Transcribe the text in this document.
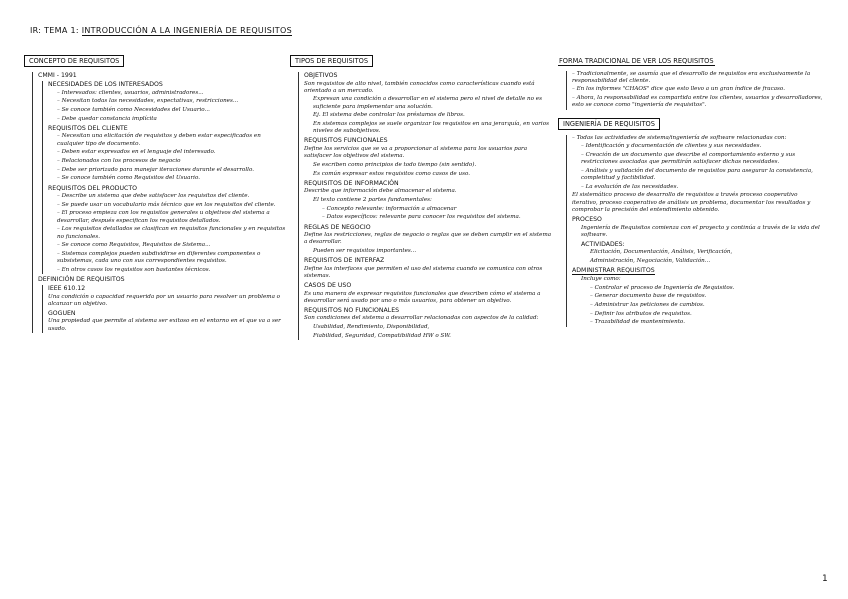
IR: TEMA 1: INTRODUCCIÓN A LA INGENIERÍA DE REQUISITOS
CONCEPTO DE REQUISITOS
CMMI - 1991
NECESIDADES DE LOS INTERESADOS
– Interesados: clientes, usuarios, administradores...
– Necesitan todas las necesidades, expectativas, restricciones...
– Se conoce también como Necesidades del Usuario...
– Debe quedar constancia implícita
REQUISITOS DEL CLIENTE
– Necesitan una elicitación de requisitos y deben estar especificados en cualquier tipo de documento.
– Deben estar expresados en el lenguaje del interesado.
– Relacionados con los procesos de negocio
– Debe ser priorizado para manejar iteraciones durante el desarrollo.
– Se conoce también como Requisitos del Usuario.
REQUISITOS DEL PRODUCTO
– Describe un sistema que debe satisfacer los requisitos del cliente.
– Se puede usar un vocabulario más técnico que en los requisitos del cliente.
– El proceso empieza con los requisitos generales u objetivos del sistema a desarrollar, después especifican los requisitos detallados.
– Los requisitos detallados se clasifican en requisitos funcionales y en requisitos no funcionales.
– Se conoce como Requisitos, Requisitos de Sistema...
– Sistemas complejos pueden subdividirse en diferentes componentes o subsistemas, cada uno con sus correspondientes requisitos.
– En otros casos los requisitos son bastantes técnicos.
DEFINICIÓN DE REQUISITOS
IEEE 610.12
Una condición o capacidad requerida por un usuario para resolver un problema o alcanzar un objetivo.
GOGUEN
Una propiedad que permite al sistema ser exitoso en el entorno en el que va a ser usado.
TIPOS DE REQUISITOS
OBJETIVOS
Son requisitos de alto nivel, también conocidos como características cuando está orientado a un mercado.
Expresan una condición a desarrollar en el sistema pero el nivel de detalle no es suficiente para implementar una solución.
Ej. El sistema debe controlar los préstamos de libros.
En sistemas complejos se suele organizar los requisitos en una jerarquía, en varios niveles de subobjetivos.
REQUISITOS FUNCIONALES
Define los servicios que se va a proporcionar al sistema para los usuarios para satisfacer los objetivos del sistema.
Se escriben como principios de todo tiempo (sin sentido).
Es común expresar estos requisitos como casos de uso.
REQUISITOS DE INFORMACIÓN
Describe que información debe almacenar el sistema.
El texto contiene 2 partes fundamentales:
– Concepto relevante: información a almacenar
– Datos específicos: relevante para conocer los requisitos del sistema.
REGLAS DE NEGOCIO
Define las restricciones, reglas de negocio o reglas que se deben cumplir en el sistema a desarrollar.
Pueden ser requisitos importantes...
REQUISITOS DE INTERFAZ
Define las interfaces que permiten el uso del sistema cuando se comunica con otros sistemas.
CASOS DE USO
Es una manera de expresar requisitos funcionales que describen cómo el sistema a desarrollar será usado por uno o más usuarios, para obtener un objetivo.
REQUISITOS NO FUNCIONALES
Son condiciones del sistema a desarrollar relacionadas con aspectos de la calidad:
Usabilidad, Rendimiento, Disponibilidad,
Fiabilidad, Seguridad, Compatibilidad HW o SW.
FORMA TRADICIONAL DE VER LOS REQUISITOS
– Tradicionalmente, se asumía que el desarrollo de requisitos era exclusivamente la responsabilidad del cliente.
– En los informes "CHAOS" dice que esto llevo a un gran índice de fracaso.
– Ahora, la responsabilidad es compartida entre los clientes, usuarios y desarrolladores, esto se conoce como "ingeniería de requisitos".
INGENIERÍA DE REQUISITOS
– Todas las actividades de sistema/ingeniería de software relacionadas con:
– Identificación y documentación de clientes y sus necesidades.
– Creación de un documento que describe el comportamiento externo y sus restricciones asociadas que permitirán satisfacer dichas necesidades.
– Análisis y validación del documento de requisitos para asegurar la consistencia, completitud y factibilidad.
– La evolución de las necesidades.
El sistemático proceso de desarrollo de requisitos a través proceso cooperativo iterativo, proceso cooperativo de análisis un problema, documentar los resultados y comprobar la precisión del entendimiento obtenido.
PROCESO
Ingeniería de Requisitos comienza con el proyecto y continúa a través de la vida del software.
ACTIVIDADES:
Elicitación, Documentación, Análisis, Verificación,
Administración, Negociación, Validación...
ADMINISTRAR REQUISITOS
Incluye como:
– Controlar el proceso de Ingeniería de Requisitos.
– Generar documento base de requisitos.
– Administrar las peticiones de cambios.
– Definir los atributos de requisitos.
– Trazabilidad de mantenimiento.
1
